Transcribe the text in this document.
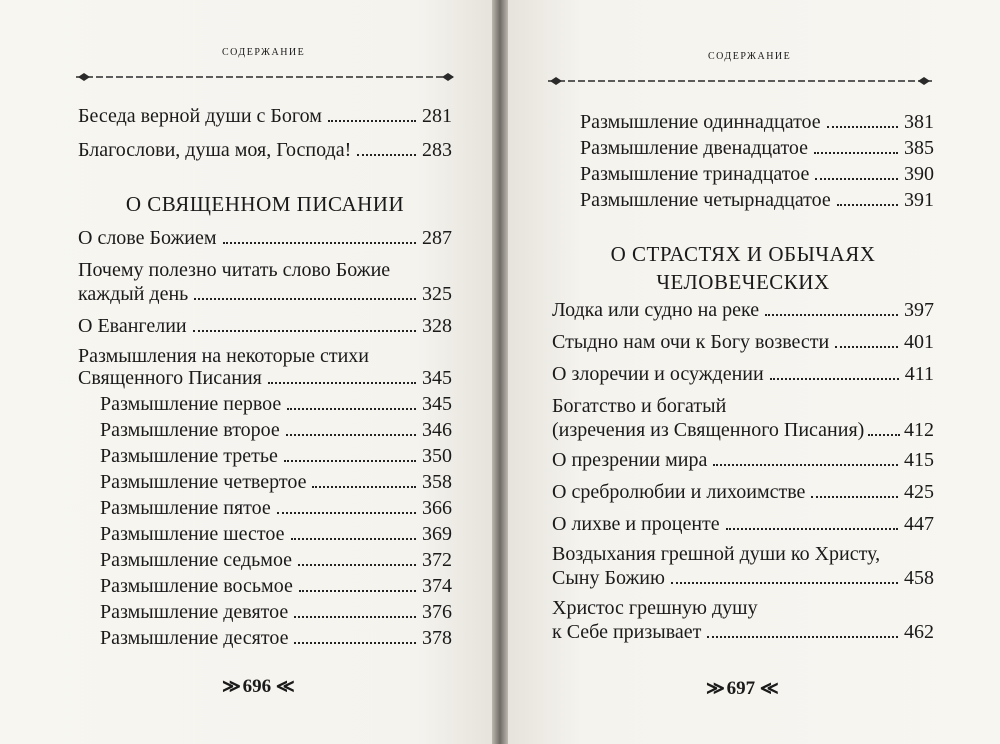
содержание
Беседа верной души с Богом	281
Благослови, душа моя, Господа!	283
О СВЯЩЕННОМ ПИСАНИИ
О слове Божием	287
Почему полезно читать слово Божие
каждый день	325
О Евангелии	328
Размышления на некоторые стихи
Священного Писания	345
Размышление первое	345
Размышление второе	346
Размышление третье	350
Размышление четвертое	358
Размышление пятое	366
Размышление шестое	369
Размышление седьмое	372
Размышление восьмое	374
Размышление девятое	376
Размышление десятое	378
≫ 696 ≪
содержание
Размышление одиннадцатое	381
Размышление двенадцатое	385
Размышление тринадцатое	390
Размышление четырнадцатое	391
О СТРАСТЯХ И ОБЫЧАЯХ
ЧЕЛОВЕЧЕСКИХ
Лодка или судно на реке	397
Стыдно нам очи к Богу возвести	401
О злоречии и осуждении	411
Богатство и богатый
(изречения из Священного Писания) 412
О презрении мира	415
О сребролюбии и лихоимстве	425
О лихве и проценте	447
Воздыхания грешной души ко Христу,
Сыну Божию	458
Христос грешную душу
к Себе призывает	462
≫ 697 ≪
